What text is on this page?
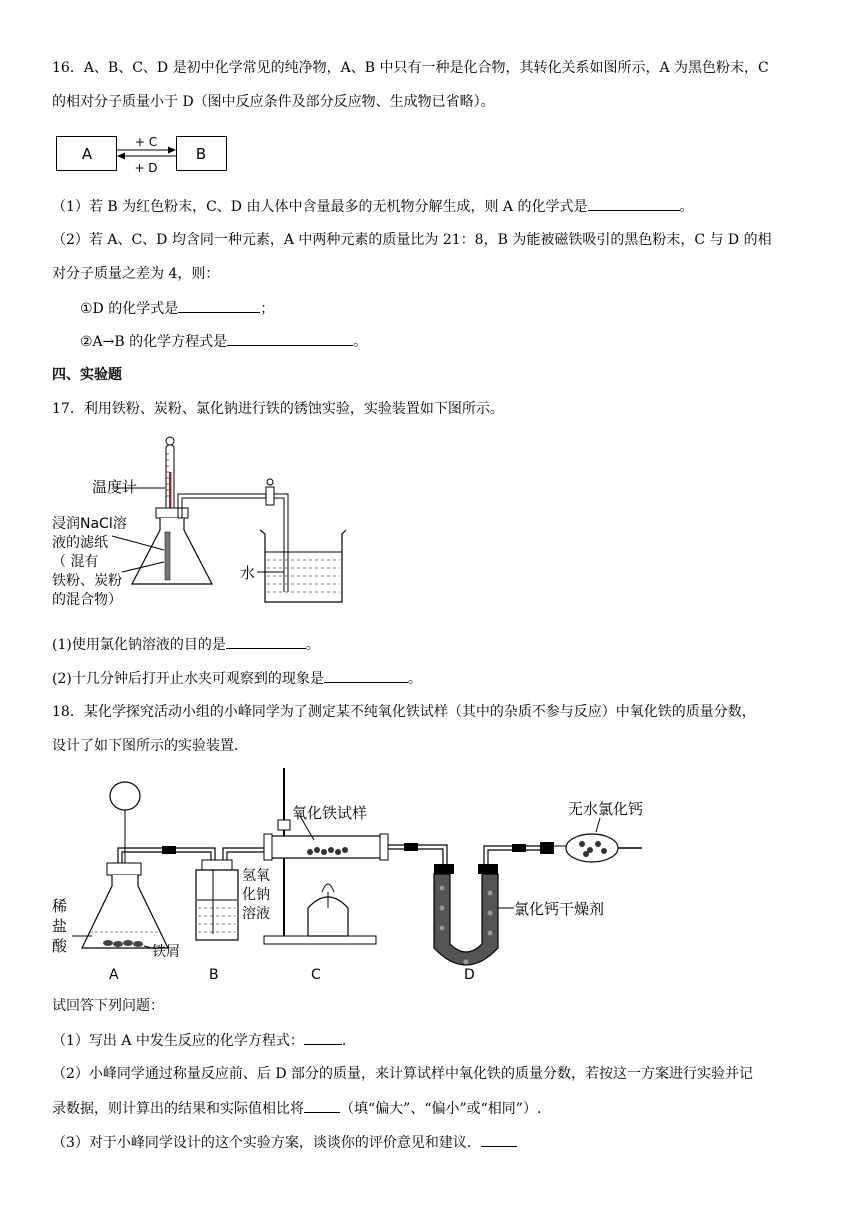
16．A、B、C、D 是初中化学常见的纯净物，A、B 中只有一种是化合物，其转化关系如图所示，A 为黑色粉末，C
的相对分子质量小于 D（图中反应条件及部分反应物、生成物已省略）。
A	B
+ C
+ D
（1）若 B 为红色粉末，C、D 由人体中含量最多的无机物分解生成，则 A 的化学式是	。
（2）若 A、C、D 均含同一种元素，A 中两种元素的质量比为 21：8，B 为能被磁铁吸引的黑色粉末，C 与 D 的相
对分子质量之差为 4，则：
①D 的化学式是	；
②A→B 的化学方程式是	。
四、实验题
17．利用铁粉、炭粉、氯化钠进行铁的锈蚀实验，实验装置如下图所示。
温度计
水
浸润NaCl溶
液的滤纸
（ 混有
铁粉、炭粉
的混合物）
(1)使用氯化钠溶液的目的是	。
(2)十几分钟后打开止水夹可观察到的现象是	。
18．某化学探究活动小组的小峰同学为了测定某不纯氧化铁试样（其中的杂质不参与反应）中氧化铁的质量分数，
设计了如下图所示的实验装置．
稀
盐
酸	铁屑
A
氢氧
化钠
溶液
B
氧化铁试样
C
氯化钙干燥剂
D
无水氯化钙
试回答下列问题：
（1）写出 A 中发生反应的化学方程式：	.
（2）小峰同学通过称量反应前、后 D 部分的质量，来计算试样中氧化铁的质量分数，若按这一方案进行实验并记
录数据，则计算出的结果和实际值相比将	（填“偏大”、“偏小”或“相同”）.
（3）对于小峰同学设计的这个实验方案，谈谈你的评价意见和建议．
